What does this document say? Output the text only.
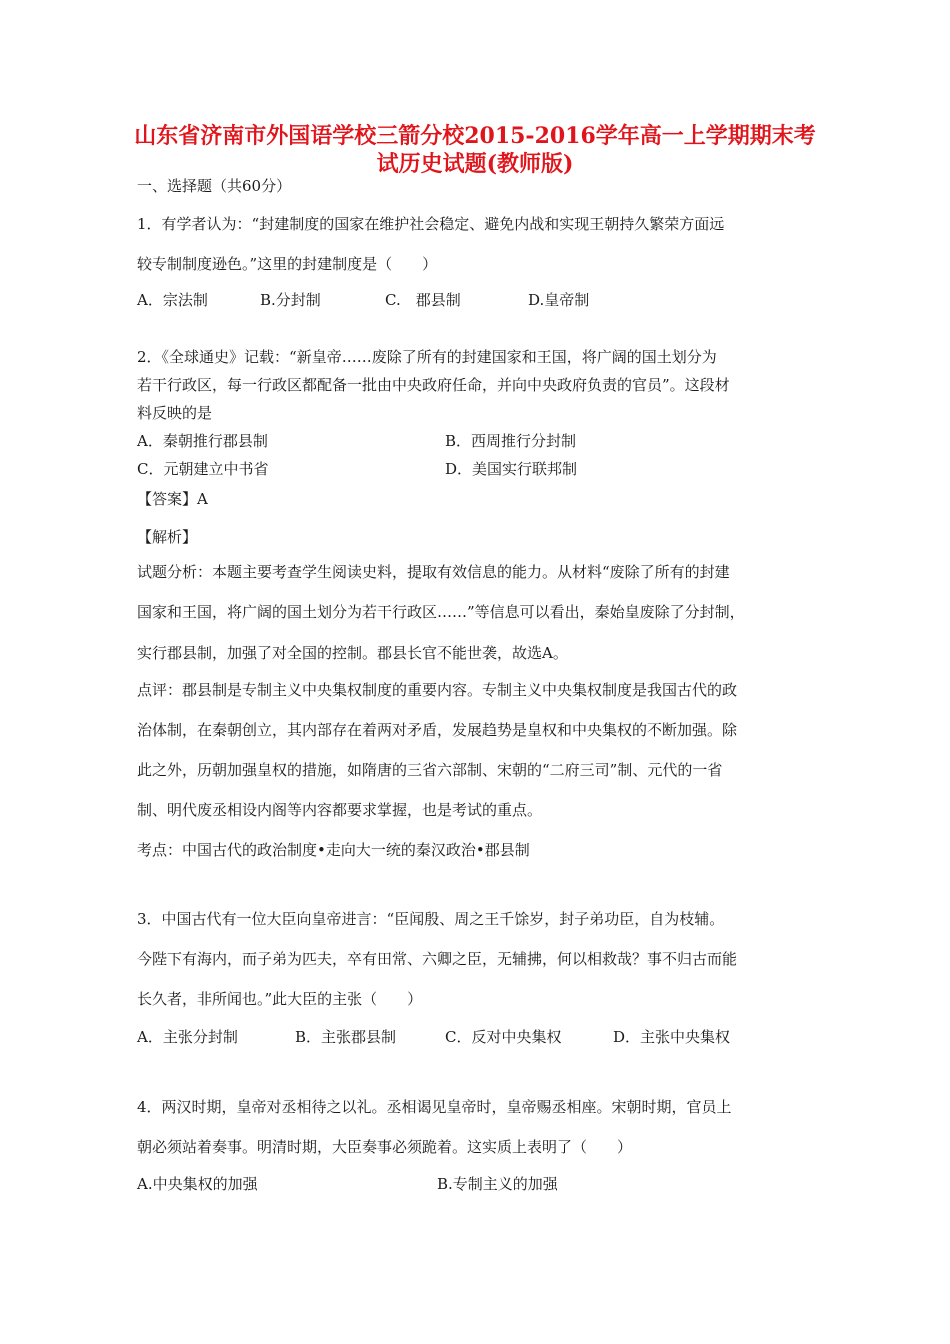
山东省济南市外国语学校三箭分校2015-2016学年高一上学期期末考
试历史试题(教师版)
一、选择题（共60分）
1．有学者认为：“封建制度的国家在维护社会稳定、避免内战和实现王朝持久繁荣方面远
较专制制度逊色。”这里的封建制度是（　　）
A．宗法制	B.分封制	C.　郡县制	D.皇帝制
2．《全球通史》记载：“新皇帝……废除了所有的封建国家和王国，将广阔的国土划分为
若干行政区，每一行政区都配备一批由中央政府任命，并向中央政府负责的官员”。这段材
料反映的是
A．秦朝推行郡县制	B．西周推行分封制
C．元朝建立中书省	D．美国实行联邦制
【答案】A
【解析】
试题分析：本题主要考查学生阅读史料，提取有效信息的能力。从材料“废除了所有的封建
国家和王国，将广阔的国土划分为若干行政区……”等信息可以看出，秦始皇废除了分封制，
实行郡县制，加强了对全国的控制。郡县长官不能世袭，故选A。
点评：郡县制是专制主义中央集权制度的重要内容。专制主义中央集权制度是我国古代的政
治体制，在秦朝创立，其内部存在着两对矛盾，发展趋势是皇权和中央集权的不断加强。除
此之外，历朝加强皇权的措施，如隋唐的三省六部制、宋朝的“二府三司”制、元代的一省
制、明代废丞相设内阁等内容都要求掌握，也是考试的重点。
考点：中国古代的政治制度•走向大一统的秦汉政治•郡县制
3．中国古代有一位大臣向皇帝进言：“臣闻殷、周之王千馀岁，封子弟功臣，自为枝辅。
今陛下有海内，而子弟为匹夫，卒有田常、六卿之臣，无辅拂，何以相救哉？事不归古而能
长久者，非所闻也。”此大臣的主张（　　）
A．主张分封制	B．主张郡县制	C．反对中央集权	D．主张中央集权
4．两汉时期，皇帝对丞相待之以礼。丞相谒见皇帝时，皇帝赐丞相座。宋朝时期，官员上
朝必须站着奏事。明清时期，大臣奏事必须跪着。这实质上表明了（　　）
A.中央集权的加强	B.专制主义的加强
